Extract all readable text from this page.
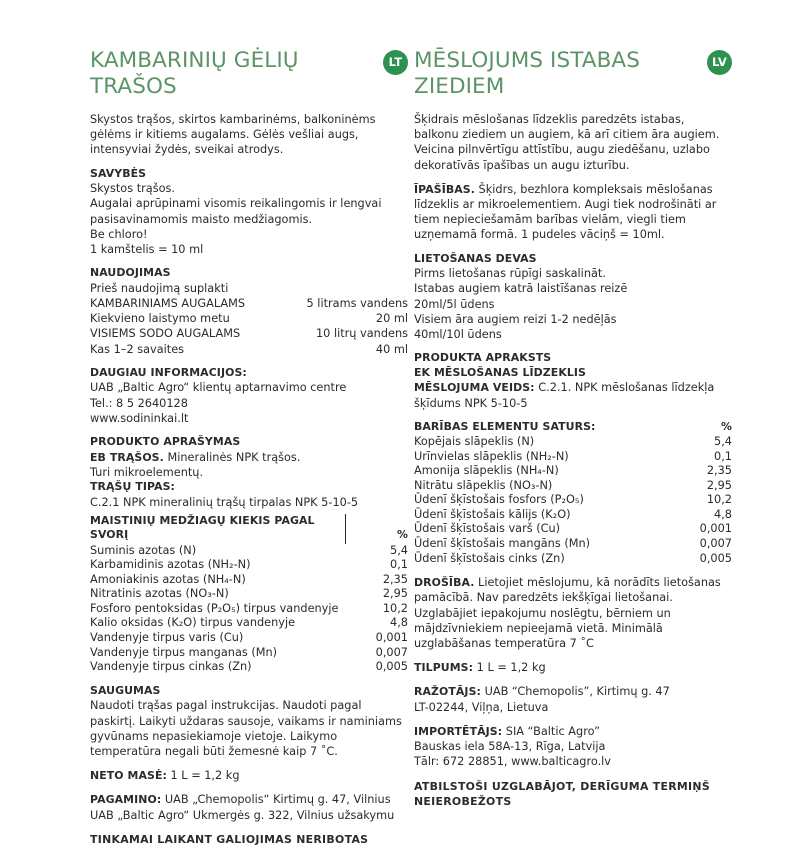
KAMBARINIŲ GĖLIŲ TRAŠOS
LT

Skystos trąšos, skirtos kambarinėms, balkoninėms gėlėms ir kitiems augalams. Gėlės vešliai augs, intensyviai žydės, sveikai atrodys.

SAVYBĖS
Skystos trąšos.
Augalai aprūpinami visomis reikalingomis ir lengvai pasisavinamomis maisto medžiagomis.
Be chloro!
1 kamštelis = 10 ml
NAUDOJIMAS
Prieš naudojimą suplakti
KAMBARINIAMS AUGALAMS	5 litrams vandens
Kiekvieno laistymo metu	20 ml
VISIEMS SODO AUGALAMS	10 litrų vandens
Kas 1–2 savaites	40 ml
DAUGIAU INFORMACIJOS:
UAB „Baltic Agro“ klientų aptarnavimo centre
Tel.: 8 5 2640128
www.sodininkai.lt
PRODUKTO APRAŠYMAS
EB TRĄŠOS. Mineralinės NPK trąšos.
Turi mikroelementų.
TRĄŠŲ TIPAS:
C.2.1 NPK mineralinių trąšų tirpalas NPK 5-10-5
MAISTINIŲ MEDŽIAGŲ KIEKIS PAGAL SVORĮ	%
Suminis azotas (N)	5,4
Karbamidinis azotas (NH₂-N)	0,1
Amoniakinis azotas (NH₄-N)	2,35
Nitratinis azotas (NO₃-N)	2,95
Fosforo pentoksidas (P₂O₅) tirpus vandenyje	10,2
Kalio oksidas (K₂O) tirpus vandenyje	4,8
Vandenyje tirpus varis (Cu)	0,001
Vandenyje tirpus manganas (Mn)	0,007
Vandenyje tirpus cinkas (Zn)	0,005
SAUGUMAS
Naudoti trąšas pagal instrukcijas. Naudoti pagal paskirtį. Laikyti uždaras sausoje, vaikams ir naminiams gyvūnams nepasiekiamoje vietoje. Laikymo temperatūra negali būti žemesnė kaip 7 ˚C.
NETO MASĖ: 1 L = 1,2 kg
PAGAMINO: UAB „Chemopolis“ Kirtimų g. 47, Vilnius
UAB „Baltic Agro“ Ukmergės g. 322, Vilnius užsakymu
TINKAMAI LAIKANT GALIOJIMAS NERIBOTAS
MĒSLOJUMS ISTABAS ZIEDIEM
LV

Šķidrais mēslošanas līdzeklis paredzēts istabas, balkonu ziediem un augiem, kā arī citiem āra augiem. Veicina pilnvērtīgu attīstību, augu ziedēšanu, uzlabo dekoratīvās īpašības un augu izturību.

ĪPAŠĪBAS. Šķidrs, bezhlora kompleksais mēslošanas līdzeklis ar mikroelementiem. Augi tiek nodrošināti ar tiem nepieciešamām barības vielām, viegli tiem uzņemamā formā. 1 pudeles vāciņš = 10ml.
LIETOŠANAS DEVAS
Pirms lietošanas rūpīgi saskalināt.
Istabas augiem katrā laistīšanas reizē
20ml/5l ūdens
Visiem āra augiem reizi 1-2 nedēļās
40ml/10l ūdens
PRODUKTA APRAKSTS
EK MĒSLOŠANAS LĪDZEKLIS
MĒSLOJUMA VEIDS: C.2.1. NPK mēslošanas līdzekļa šķīdums NPK 5-10-5
BARĪBAS ELEMENTU SATURS:	%
Kopējais slāpeklis (N)	5,4
Urīnvielas slāpeklis (NH₂-N)	0,1
Amonija slāpeklis (NH₄-N)	2,35
Nitrātu slāpeklis (NO₃-N)	2,95
Ūdenī šķīstošais fosfors (P₂O₅)	10,2
Ūdenī šķīstošais kālijs (K₂O)	4,8
Ūdenī šķīstošais varš (Cu)	0,001
Ūdenī šķīstošais mangāns (Mn)	0,007
Ūdenī šķīstošais cinks (Zn)	0,005
DROŠĪBA. Lietojiet mēslojumu, kā norādīts lietošanas pamācībā. Nav paredzēts iekšķīgai lietošanai. Uzglabājiet iepakojumu noslēgtu, bērniem un mājdzīvniekiem nepieejamā vietā. Minimālā uzglabāšanas temperatūra 7 ˚C
TILPUMS: 1 L = 1,2 kg
RAŽOTĀJS: UAB “Chemopolis”, Kirtimų g. 47
LT-02244, Viļņa, Lietuva
IMPORTĒTĀJS: SIA “Baltic Agro”
Bauskas iela 58A-13, Rīga, Latvija
Tālr: 672 28851, www.balticagro.lv
ATBILSTOŠI UZGLABĀJOT, DERĪGUMA TERMIŅŠ NEIEROBEŽOTS
